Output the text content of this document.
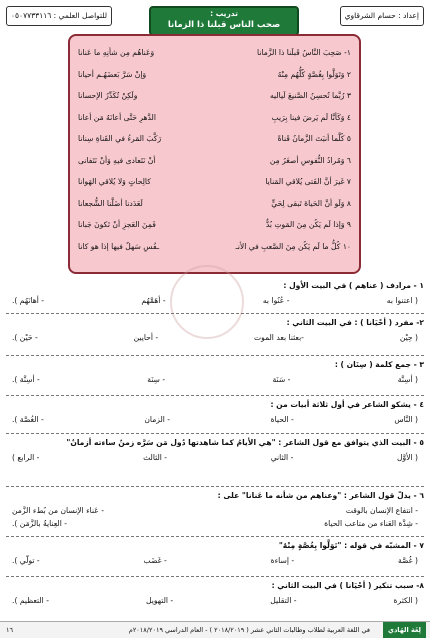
للتواصل العلمي : ٠٥٠٧٧٣٣١١٦	تدريب :
صحب الناس قبلنا ذا الزمانا
إعداد : حسام الشرقاوي
١- صَحِبَ النَّاسُ قَبلَنا ذا الزَّمانا
وَعَناهُم مِن شأنِهِ ما عَنانا
٢ وَتَوَلَّوا بِغُصَّةٍ كُلُّهُم مِنْهُ
وَإنْ سَرَّ بَعضَهُـم أحيانا
٣ رُبَّما تُحسِنُ الصَّنيعَ لَياليه
ولَكِنْ تُكَدِّرُ الإحسانا
٤ وَكَأنَّا لَم يَرضَ فينا بِرَيبِ
الدَّهرِ حَتَّى أعانَهُ مَن أعانا
٥ كُلَّما أنبَتَ الزَّمانُ قَناةً
رَكَّبَ المَرءُ في القَناةِ سِنانا
٦ وَمُرادُ النُّفوسِ أصغَرُ مِن
أنْ نَتَعادى فيهِ وَأنْ نَتَفانى
٧ غَيرَ أنَّ الفَتى يُلاقي المَنايا
كالِحاتٍ وَلا يُلاقي الهَوانا
٨ وَلَو أنَّ الحَياةَ تَبقى لِحَيٍّ
لَعَدَدنا أضَلَّنا الشُّجعانا
٩ وَإذا لَم يَكُن مِنَ المَوتِ بُدٌّ
فَمِنَ العَجزِ أنْ تَكونَ جَبانا
١٠ كُلُّ ما لَم يَكُن مِنَ الصَّعبِ في الأنـ
ـفُسِ سَهلٌ فيها إذا هو كانا
١ - مرادف ( عناهم ) في البيت الأول :
( اعتنوا به
- عُنُوا به
- أهَمَّهُم
- أهانَهُم ).
٢- مفرد ( أحْيَانا ) : في البيت الثاني :
( حِيْن
-بعثنا بعد الموت
- أحايين
- حَيْن ).
٣ - جمع كلمة ( سِنَان ) :
( أسِنَّة
- سَنَة
- سِنَة
- أسِنَّة ).
٤ - يشكو الشاعر في أول ثلاثة أبيات من :
( النَّاس
- الحياة
- الزمان
- الغُصَّة ).
٥ - البيت الذي يتوافق مع قول الشاعر : "هي الأيامُ كما شاهدتها دُول مَن سَرَّه زمنٌ ساءته أزمانُ"
( الأوَّل
- الثاني
- الثالث
- الرابع )
٦ - يدلّ قول الشاعر : "وعناهم من شأنه ما عَنانا" على :
- انتفاع الإنسان بالوقت
- عَناء الإنسان من بُطء الزَّمن
- شِدَّة العَناء من متاعب الحياة
- العِنايةُ بالزَّمَن ).
٧ - المشبّه في قوله : "تَوَلَّوا بِغُصَّةٍ مِنْهُ"
( غُصَّة
- إساءة
- غَضَب
- تولّي ).
٨- سبب تنكير ( أحْيَانا ) في البيت الثاني :
( الكثرة
- التقليل
- التهويل
- التعظيم ).
١٦	في اللغة العربية لطلاب وطالبات الثاني عشر ( ٢٠١٨/٢٠١٩ ) - العام الدراسي ٢٠١٨/٢٠١٩م	لِغَة الهَادي
